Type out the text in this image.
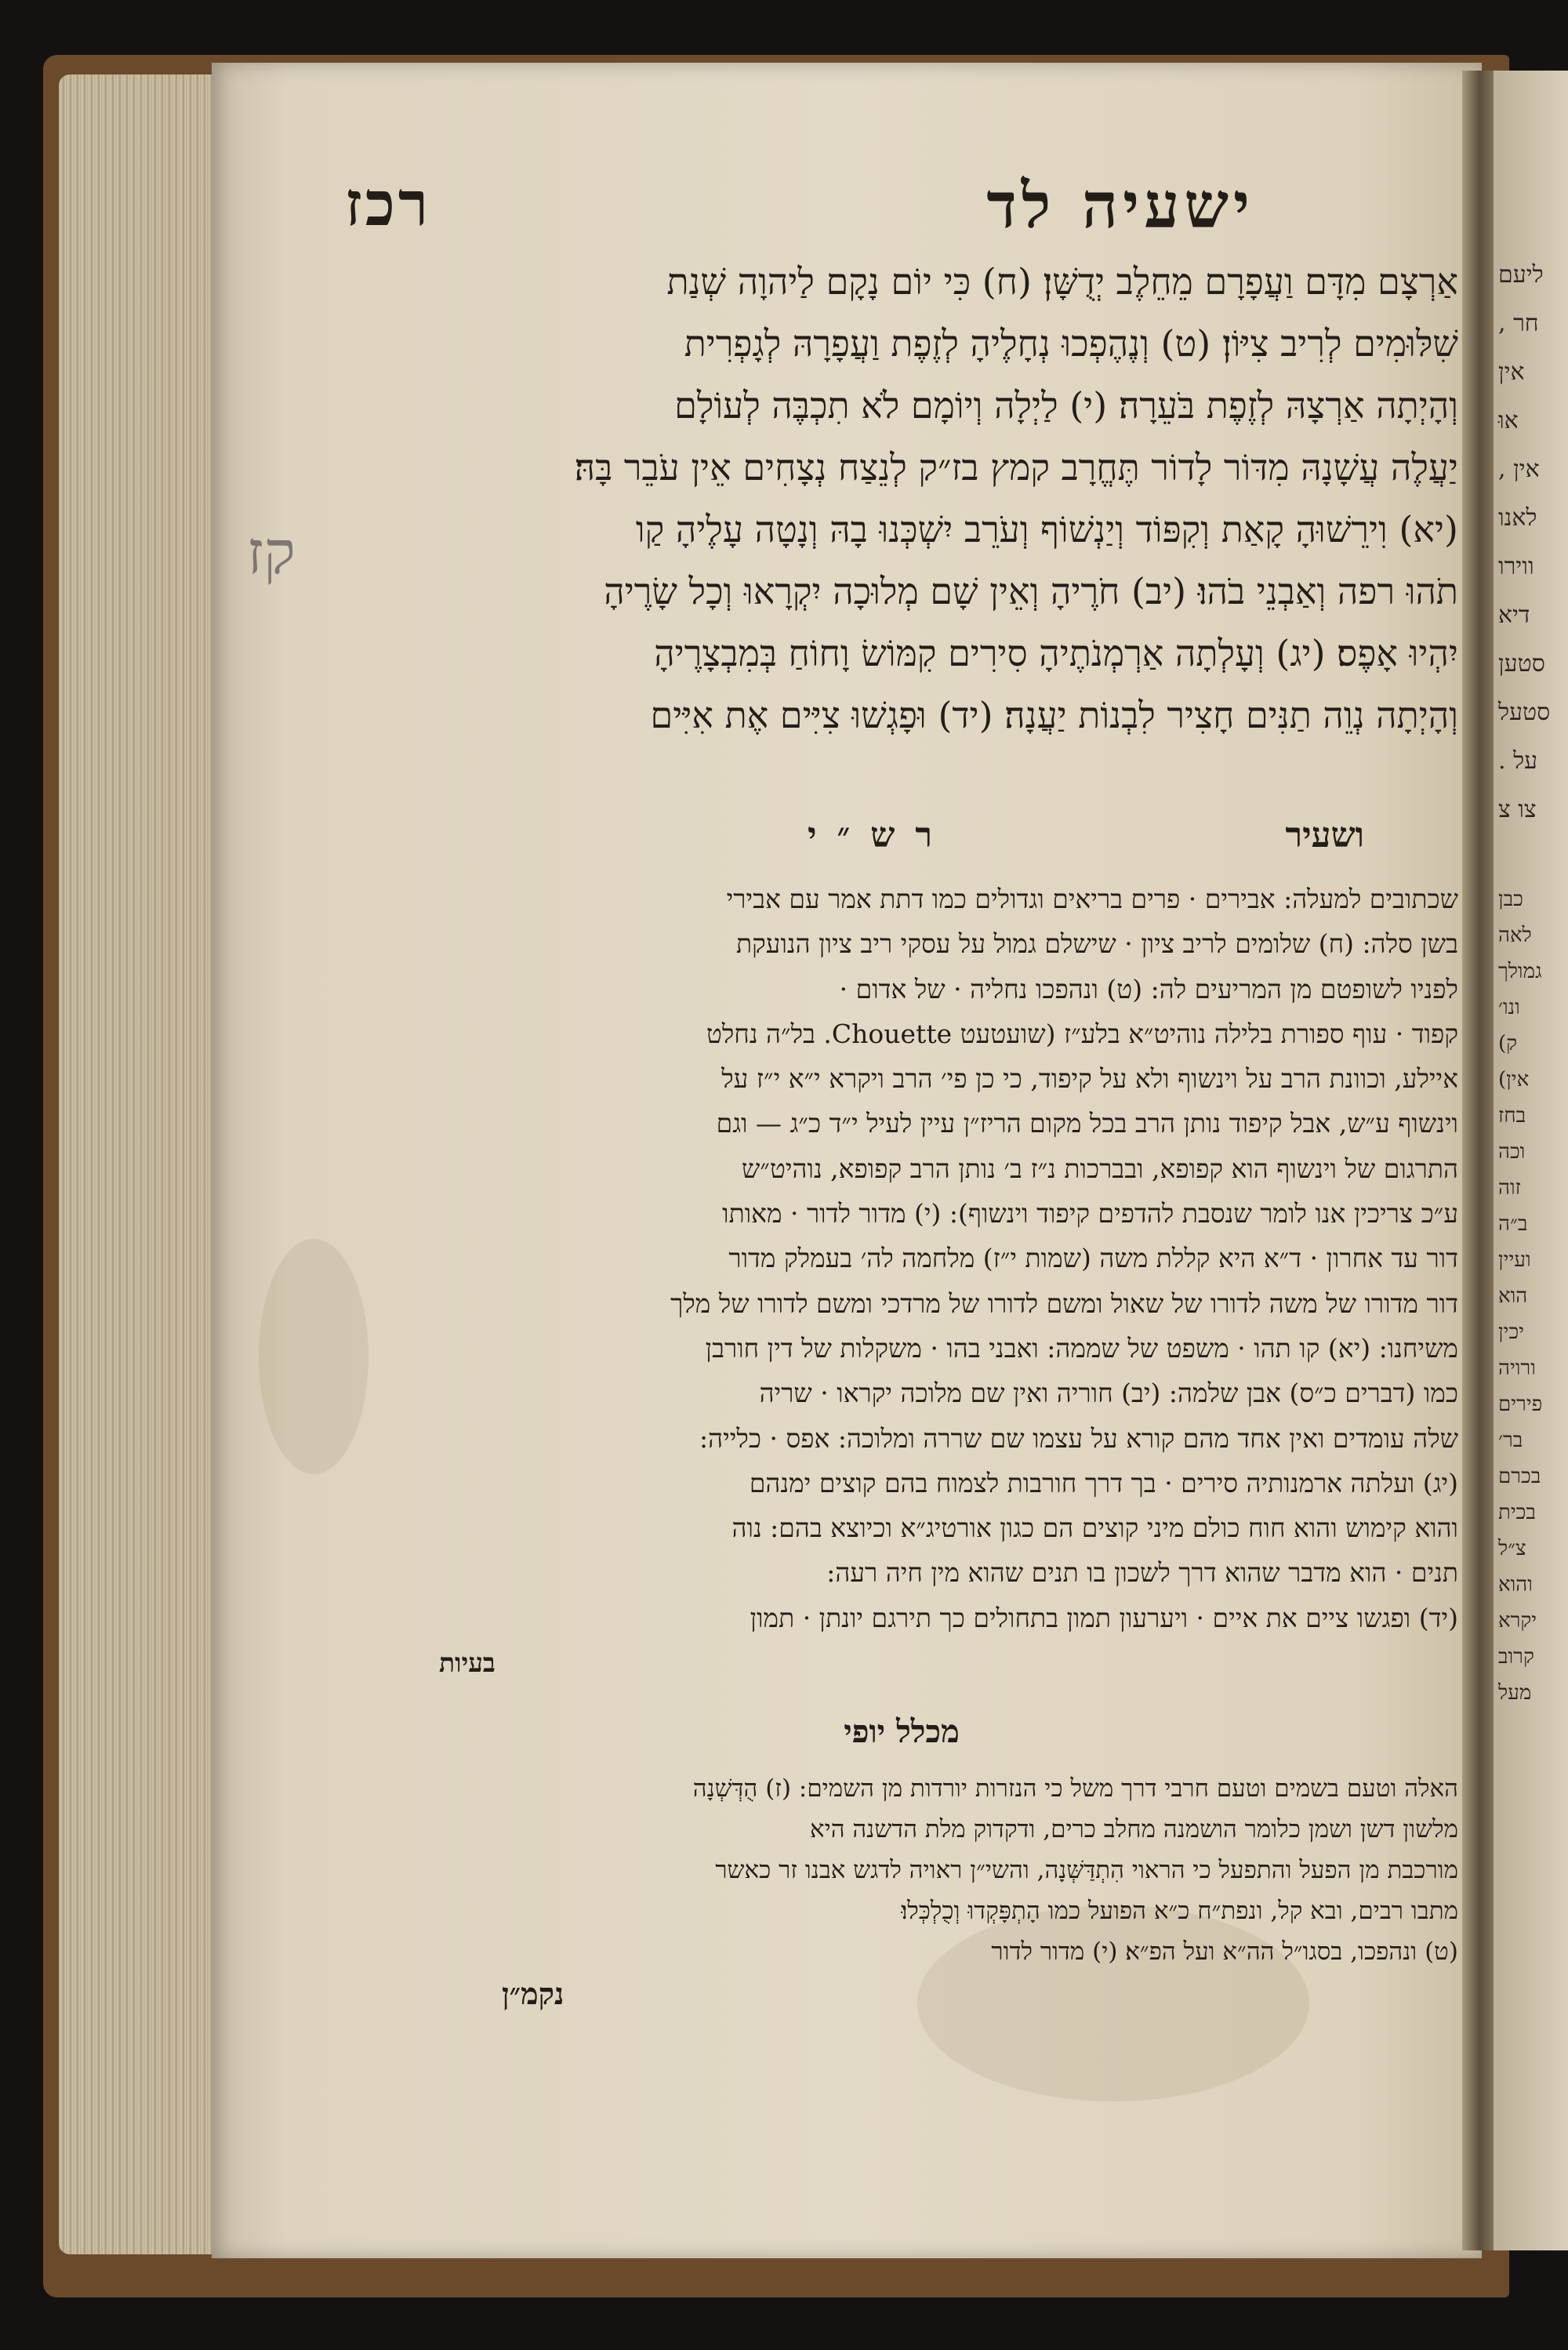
ליעם
חר ,
אין
אוּ
אין ,
לאנו
ווירו
דיא
סטען
סטעל
על .
צו צ
כבן
לאה
גמולך
ונו׳
ק)
אין)
בחז
וכה
זוה
ב״ה
ועיין
הוא
יכין
ורויה
פירים
בר׳
בכרם
בכית
צ״ל
והוא
יקרא
קרוב
מעל
רכז	ישעיה לד
קז
אַרְצָם מִדָּם וַעֲפָרָם מֵחֵלֶב יְדֻשָּׁן׃ (ח) כִּי יוֹם נָקָם לַיהוָה שְׁנַת
שִׁלּוּמִים לְרִיב צִיּוֹן׃ (ט) וְנֶהֶפְכוּ נְחָלֶיהָ לְזֶפֶת וַעֲפָרָהּ לְגָפְרִית
וְהָיְתָה אַרְצָהּ לְזֶפֶת בֹּעֵרָה׃ (י) לַיְלָה וְיוֹמָם לֹא תִכְבֶּה לְעוֹלָם
יַעֲלֶה עֲשָׁנָהּ מִדּוֹר לָדוֹר תֶּחֱרָב קמץ בז״ק לְנֵצַח נְצָחִים אֵין עֹבֵר בָּהּ׃
(יא) וִירֵשׁוּהָ קָאַת וְקִפּוֹד וְיַנְשׁוֹף וְעֹרֵב יִשְׁכְּנוּ בָהּ וְנָטָה עָלֶיהָ קַו
תֹהוּ רפה וְאַבְנֵי בֹהוּ׃ (יב) חֹרֶיהָ וְאֵין שָׁם מְלוּכָה יִקְרָאוּ וְכָל שָׂרֶיהָ
יִהְיוּ אָפֶס׃ (יג) וְעָלְתָה אַרְמְנֹתֶיהָ סִירִים קִמּוֹשׂ וָחוֹחַ בְּמִבְצָרֶיהָ
וְהָיְתָה נְוֵה תַנִּים חָצִיר לִבְנוֹת יַעֲנָה׃ (יד) וּפָגְשׁוּ צִיִּים אֶת אִיִּים
רש״י	ושעיר
שכתובים למעלה: אבירים · פרים בריאים וגדולים כמו דתת אמר עם אבירי
בשן סלה: (ח) שלומים לריב ציון · שישלם גמול על עסקי ריב ציון הנועקת
לפניו לשופטם מן המריעים לה: (ט) ונהפכו נחליה · של אדום ·
קפוד · עוף ספורת בלילה נוהיט״א בלע״ז (שועטעט Chouette. בל״ה נחלט
איילע, וכוונת הרב על וינשוף ולא על קיפוד, כי כן פי׳ הרב ויקרא י״א י״ז על
וינשוף ע״ש, אבל קיפוד נותן הרב בכל מקום הריז״ן עיין לעיל י״ד כ״ג — וגם
התרגום של וינשוף הוא קפופא, ובברכות נ״ז ב׳ נותן הרב קפופא, נוהיט״ש
ע״כ צריכין אנו לומר שנסבת להדפים קיפוד וינשוף): (י) מדור לדור · מאותו
דור עד אחרון · ד״א היא קללת משה (שמות י״ז) מלחמה לה׳ בעמלק מדור
דור מדורו של משה לדורו של שאול ומשם לדורו של מרדכי ומשם לדורו של מלך
משיחנו: (יא) קו תהו · משפט של שממה: ואבני בהו · משקלות של דין חורבן
כמו (דברים כ״ס) אבן שלמה: (יב) חוריה ואין שם מלוכה יקראו · שריה
שלה עומדים ואין אחד מהם קורא על עצמו שם שררה ומלוכה: אפס · כלייה:
(יג) ועלתה ארמנותיה סירים · בך דרך חורבות לצמוח בהם קוצים ימנהם
והוא קימוש והוא חוח כולם מיני קוצים הם כגון אורטיג״א וכיוצא בהם: נוה
תנים · הוא מדבר שהוא דרך לשכון בו תנים שהוא מין חיה רעה:
(יד) ופגשו ציים את איים · ויערעון תמון בתחולים כך תירגם יונתן · תמון
בעיות
מכלל יופי
האלה וטעם בשמים וטעם חרבי דרך משל כי הנזרות יורדות מן השמים: (ז) הֻדְּשְׁנָה
מלשון דשן ושמן כלומר הושמנה מחלב כרים, ודקדוק מלת הדשנה היא
מורכבת מן הפעל והתפעל כי הראוי הִתְדַּשְּׁנָה, והשי״ן ראויה לדגש אבנו זר כאשר
מתבו רבים, ובא קל, ונפת״ח כ״א הפועל כמו הָתְפָּקְדוּ וְכֻלְכְּלוּ׃
(ט) ונהפכו, בסגו״ל הה״א ועל הפ״א׃ (י) מדור לדור
נקמ״ן
